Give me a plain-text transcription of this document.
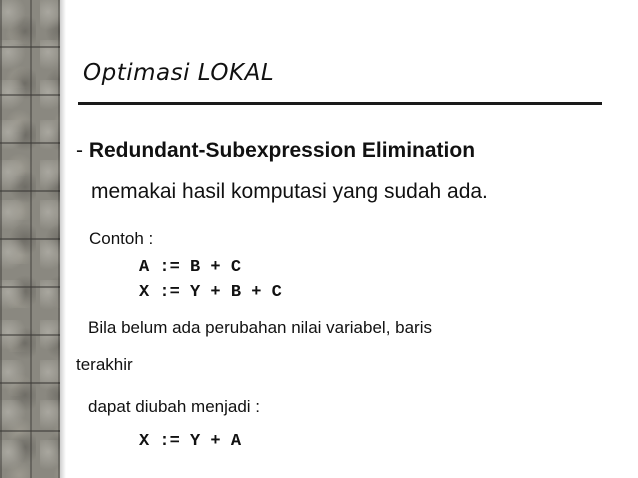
Optimasi LOKAL
- Redundant-Subexpression Elimination
memakai hasil komputasi yang sudah ada.
Contoh :
A := B + C
X := Y + B + C
Bila belum ada perubahan nilai variabel, baris
terakhir
dapat diubah menjadi :
X := Y + A
